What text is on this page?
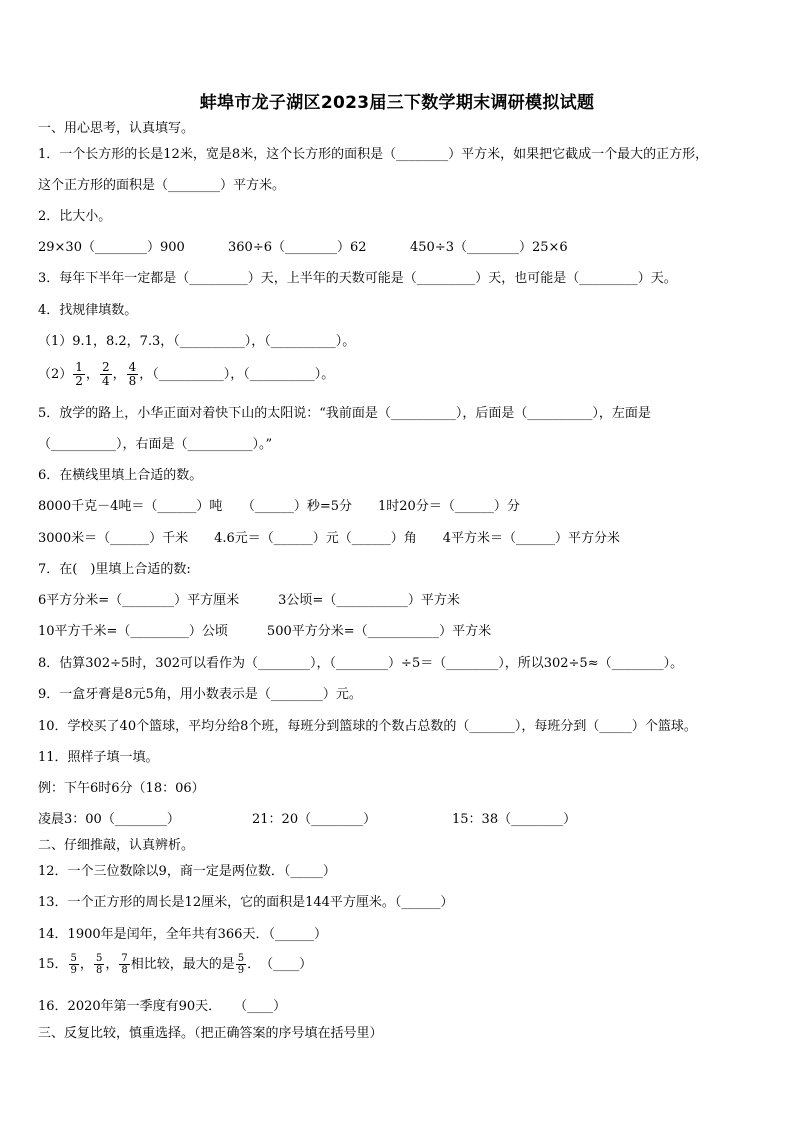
蚌埠市龙子湖区2023届三下数学期末调研模拟试题
一、用心思考，认真填写。
1．一个长方形的长是12米，宽是8米，这个长方形的面积是（________）平方米，如果把它截成一个最大的正方形，
这个正方形的面积是（________）平方米。
2．比大小。
29×30（________）900	360÷6（________）62	450÷3（________）25×6
3．每年下半年一定都是（_________）天，上半年的天数可能是（_________）天，也可能是（_________）天。
4．找规律填数。
（1）9.1，8.2，7.3，（__________），（__________）。
$(2) \frac{1}{2}$ ， $\frac{2}{4}$ ， $\frac{4}{8}$ ，（__________），（__________）。
5．放学的路上，小华正面对着快下山的太阳说：“我前面是（__________），后面是（__________），左面是
（__________），右面是（__________）。”
6．在横线里填上合适的数。
8000千克－4吨＝（______）吨　　（______）秒=5分　　1时20分＝（______）分
3000米＝（______）千米　　4.6元＝（______）元（______）角　　4平方米＝（______）平方分米
7．在(　)里填上合适的数:
6平方分米=（________）平方厘米　　　3公顷=（___________）平方米
10平方千米=（_________）公顷　　　500平方分米=（___________）平方米
8．估算302÷5时，302可以看作为（________），（________）÷5＝（________），所以302÷5≈（________）。
9．一盒牙膏是8元5角，用小数表示是（________）元。
10．学校买了40个篮球，平均分给8个班，每班分到篮球的个数占总数的（_______），每班分到（_____）个篮球。
11．照样子填一填。
例：下午6时6分（18：06）
凌晨3：00（________）	21：20（________）	15：38（________）
二、仔细推敲，认真辨析。
12．一个三位数除以9，商一定是两位数．（_____）
13．一个正方形的周长是12厘米，它的面积是144平方厘米。（______）
14．1900年是闰年，全年共有366天．（______）
15． $\frac{5}{9}$ ， $\frac{5}{8}$ ， $\frac{7}{8}$ 相比较，最大的是 $\frac{5}{9}$ ．　（____）
16．2020年第一季度有90天．　　（____）
三、反复比较，慎重选择。（把正确答案的序号填在括号里）
